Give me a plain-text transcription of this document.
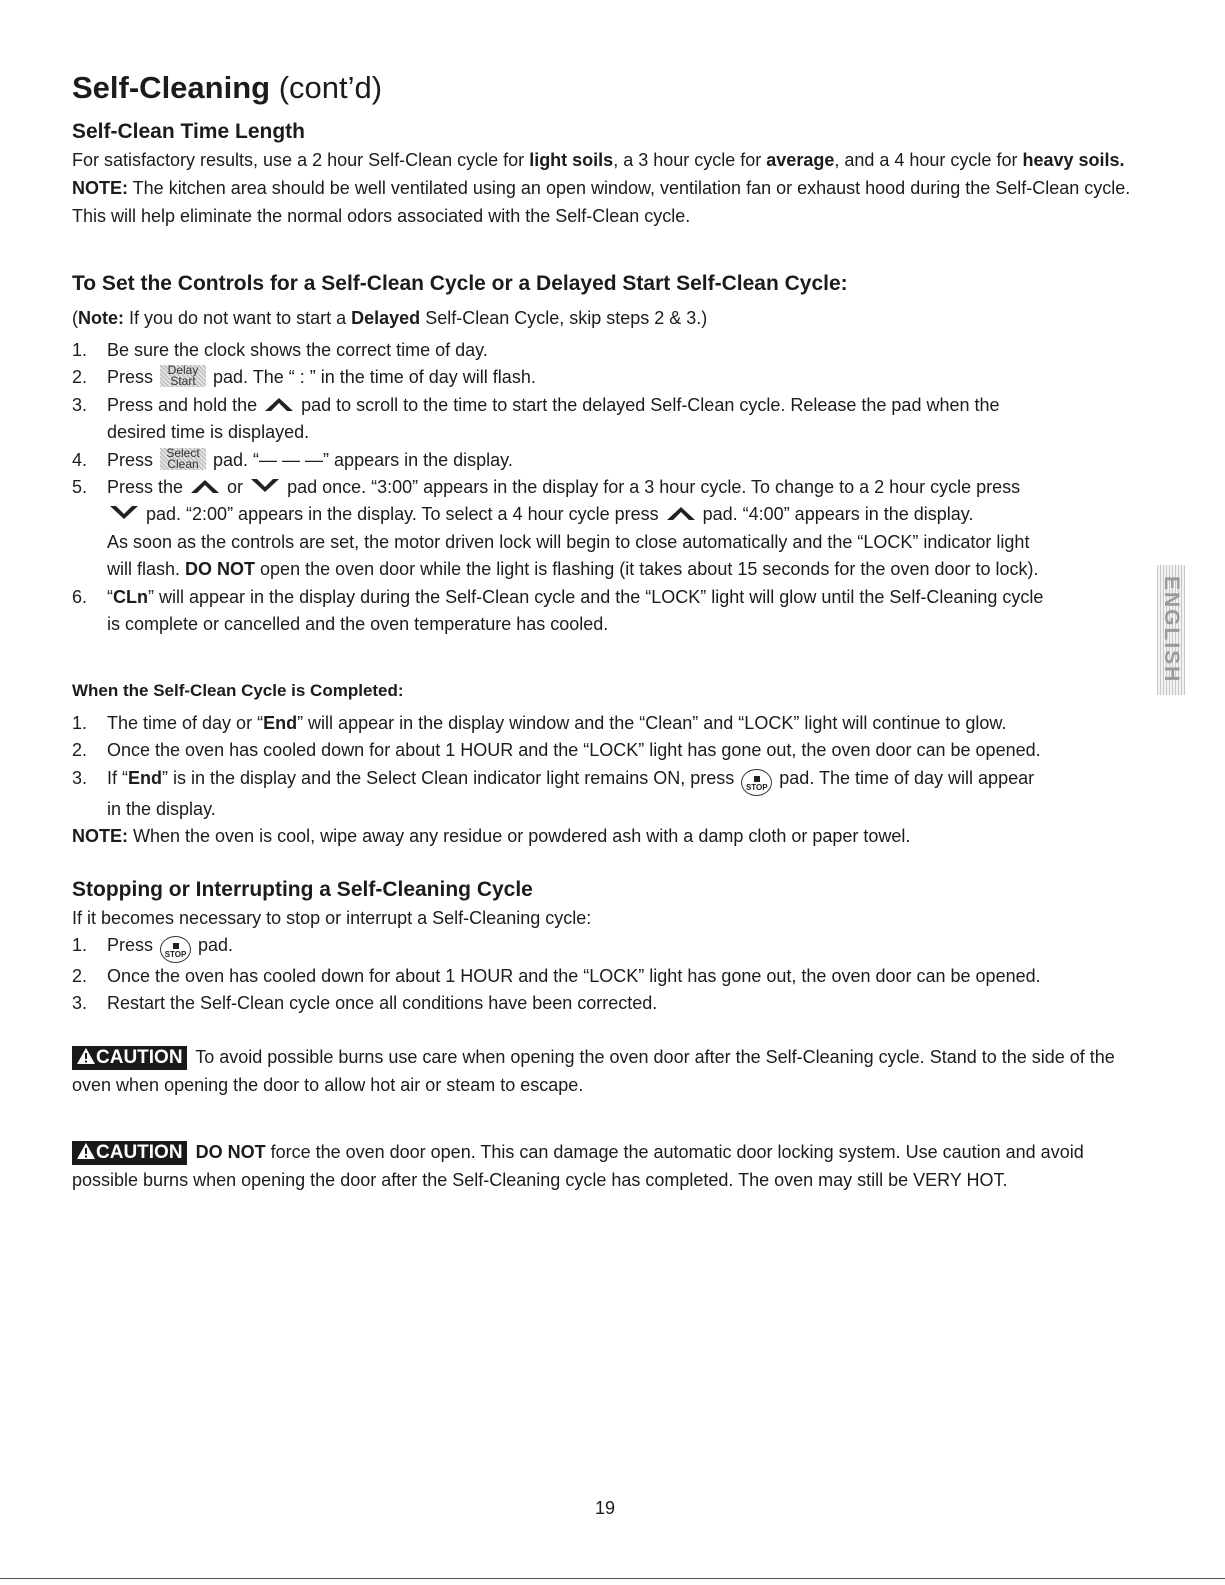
Self-Cleaning (cont’d)
Self-Clean Time Length

For satisfactory results, use a 2 hour Self-Clean cycle for light soils, a 3 hour cycle for average, and a 4 hour cycle for heavy soils. NOTE: The kitchen area should be well ventilated using an open window, ventilation fan or exhaust hood during the Self-Clean cycle. This will help eliminate the normal odors associated with the Self-Clean cycle.

To Set the Controls for a Self-Clean Cycle or a Delayed Start Self-Clean Cycle:

(Note: If you do not want to start a Delayed Self-Clean Cycle, skip steps 2 & 3.)

1. Be sure the clock shows the correct time of day.
2. Press Delay
Start pad. The “ : ” in the time of day will flash.
3. Press and hold the  pad to scroll to the time to start the delayed Self-Clean cycle. Release the pad when the
desired time is displayed.
4. Press Select
Clean pad. “— — —” appears in the display.
5. Press the  or  pad once. “3:00” appears in the display for a 3 hour cycle. To change to a 2 hour cycle press
pad. “2:00” appears in the display. To select a 4 hour cycle press  pad. “4:00” appears in the display.
As soon as the controls are set, the motor driven lock will begin to close automatically and the “LOCK” indicator light
will flash. DO NOT open the oven door while the light is flashing (it takes about 15 seconds for the oven door to lock).
6. “CLn” will appear in the display during the Self-Clean cycle and the “LOCK” light will glow until the Self-Cleaning cycle
is complete or cancelled and the oven temperature has cooled.
When the Self-Clean Cycle is Completed:
1. The time of day or “End” will appear in the display window and the “Clean” and “LOCK” light will continue to glow.
2. Once the oven has cooled down for about 1 HOUR and the “LOCK” light has gone out, the oven door can be opened.
3. If “End” is in the display and the Select Clean indicator light remains ON, press STOP pad. The time of day will appear
in the display.

NOTE: When the oven is cool, wipe away any residue or powdered ash with a damp cloth or paper towel.

Stopping or Interrupting a Self-Cleaning Cycle

If it becomes necessary to stop or interrupt a Self-Cleaning cycle:

1. Press STOP pad.
2. Once the oven has cooled down for about 1 HOUR and the “LOCK” light has gone out, the oven door can be opened.
3. Restart the Self-Clean cycle once all conditions have been corrected.

CAUTION To avoid possible burns use care when opening the oven door after the Self-Cleaning cycle. Stand to the side of the oven when opening the door to allow hot air or steam to escape.

CAUTION DO NOT force the oven door open. This can damage the automatic door locking system. Use caution and avoid possible burns when opening the door after the Self-Cleaning cycle has completed. The oven may still be VERY HOT.

ENGLISH
19
